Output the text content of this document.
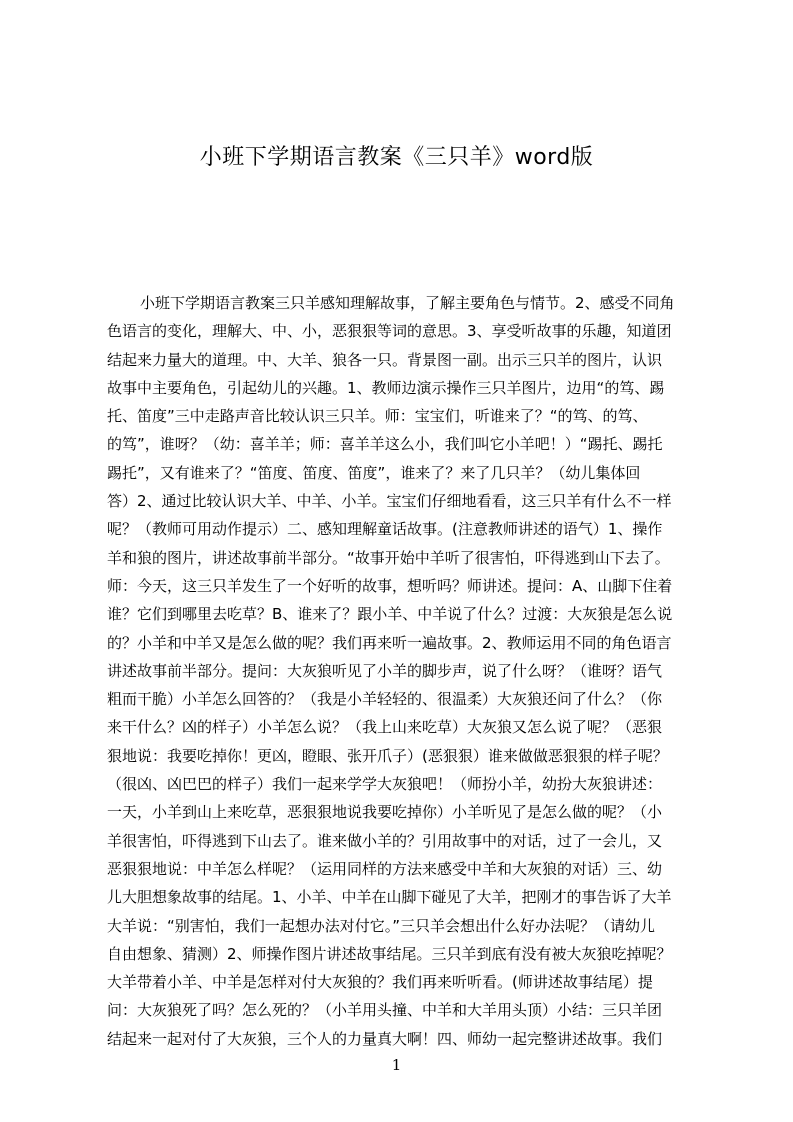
小班下学期语言教案《三只羊》word版
小班下学期语言教案三只羊感知理解故事，了解主要角色与情节。2、感受不同角
色语言的变化，理解大、中、小，恶狠狠等词的意思。3、享受听故事的乐趣，知道团
结起来力量大的道理。中、大羊、狼各一只。背景图一副。出示三只羊的图片，认识
故事中主要角色，引起幼儿的兴趣。1、教师边演示操作三只羊图片，边用“的笃、踢
托、笛度”三中走路声音比较认识三只羊。师：宝宝们，听谁来了？“的笃、的笃、
的笃”，谁呀？（幼：喜羊羊；师：喜羊羊这么小，我们叫它小羊吧！）“踢托、踢托
踢托”，又有谁来了？“笛度、笛度、笛度”，谁来了？来了几只羊？（幼儿集体回
答）2、通过比较认识大羊、中羊、小羊。宝宝们仔细地看看，这三只羊有什么不一样
呢？（教师可用动作提示）二、感知理解童话故事。(注意教师讲述的语气）1、操作
羊和狼的图片，讲述故事前半部分。“故事开始中羊听了很害怕，吓得逃到山下去了。
师：今天，这三只羊发生了一个好听的故事，想听吗？师讲述。提问：A、山脚下住着
谁？它们到哪里去吃草？B、谁来了？跟小羊、中羊说了什么？过渡：大灰狼是怎么说
的？小羊和中羊又是怎么做的呢？我们再来听一遍故事。2、教师运用不同的角色语言
讲述故事前半部分。提问：大灰狼听见了小羊的脚步声，说了什么呀？（谁呀？语气
粗而干脆）小羊怎么回答的？（我是小羊轻轻的、很温柔）大灰狼还问了什么？（你
来干什么？凶的样子）小羊怎么说？（我上山来吃草）大灰狼又怎么说了呢？（恶狠
狠地说：我要吃掉你！更凶，瞪眼、张开爪子）(恶狠狠）谁来做做恶狠狠的样子呢？
（很凶、凶巴巴的样子）我们一起来学学大灰狼吧！（师扮小羊，幼扮大灰狼讲述：
一天，小羊到山上来吃草，恶狠狠地说我要吃掉你）小羊听见了是怎么做的呢？（小
羊很害怕，吓得逃到下山去了。谁来做小羊的？引用故事中的对话，过了一会儿，又
恶狠狠地说：中羊怎么样呢？（运用同样的方法来感受中羊和大灰狼的对话）三、幼
儿大胆想象故事的结尾。1、小羊、中羊在山脚下碰见了大羊，把刚才的事告诉了大羊
大羊说：“别害怕，我们一起想办法对付它。”三只羊会想出什么好办法呢？（请幼儿
自由想象、猜测）2、师操作图片讲述故事结尾。三只羊到底有没有被大灰狼吃掉呢？
大羊带着小羊、中羊是怎样对付大灰狼的？我们再来听听看。(师讲述故事结尾）提
问：大灰狼死了吗？怎么死的？（小羊用头撞、中羊和大羊用头顶）小结：三只羊团
结起来一起对付了大灰狼，三个人的力量真大啊！四、师幼一起完整讲述故事。我们
1
